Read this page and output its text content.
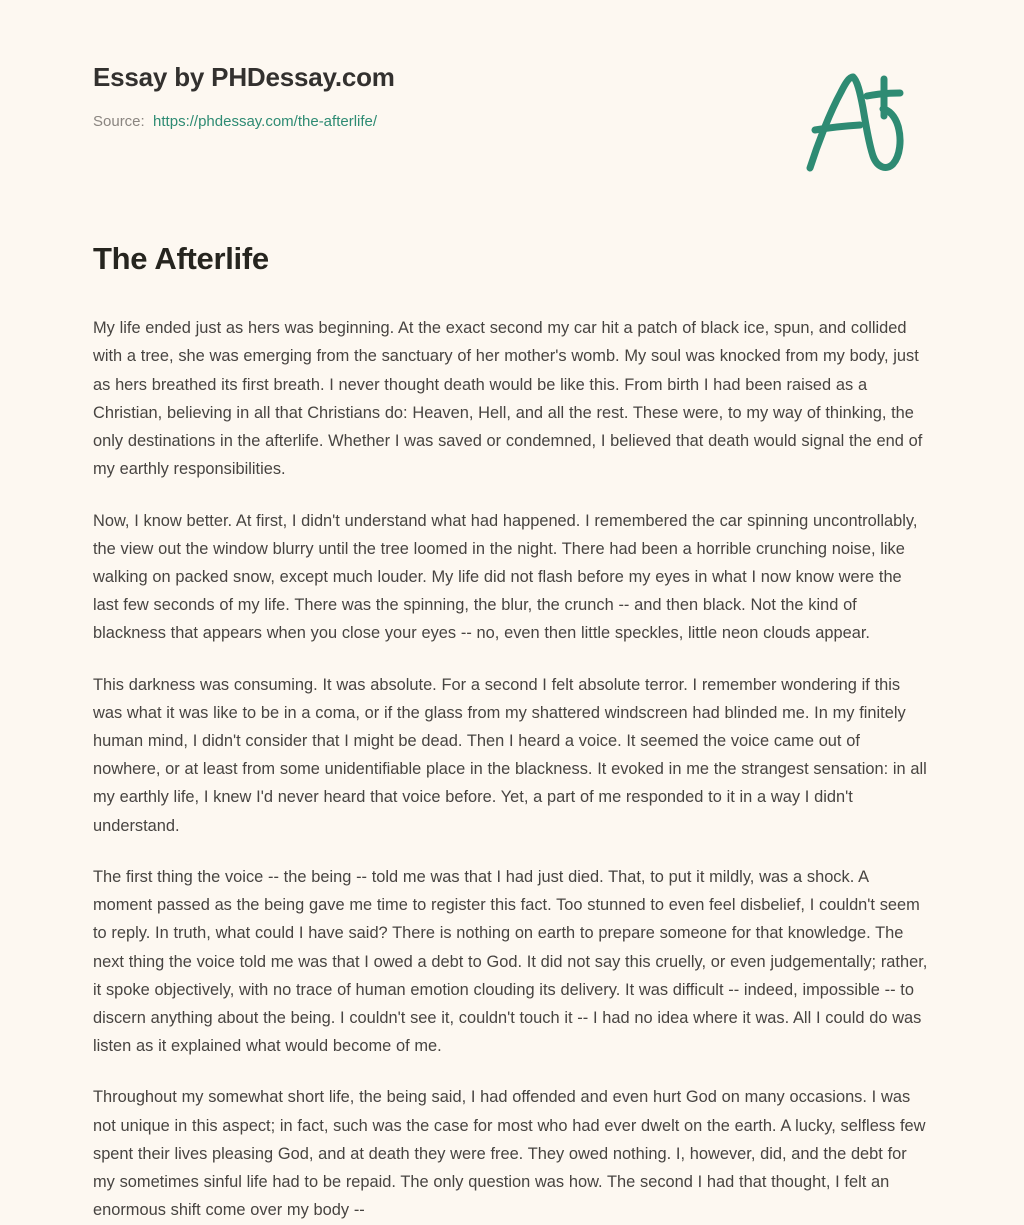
Essay by PHDessay.com
Source: https://phdessay.com/the-afterlife/
The Afterlife

My life ended just as hers was beginning. At the exact second my car hit a patch of black ice, spun, and collided with a tree, she was emerging from the sanctuary of her mother's womb. My soul was knocked from my body, just as hers breathed its first breath. I never thought death would be like this. From birth I had been raised as a Christian, believing in all that Christians do: Heaven, Hell, and all the rest. These were, to my way of thinking, the only destinations in the afterlife. Whether I was saved or condemned, I believed that death would signal the end of my earthly responsibilities.

Now, I know better. At first, I didn't understand what had happened. I remembered the car spinning uncontrollably, the view out the window blurry until the tree loomed in the night. There had been a horrible crunching noise, like walking on packed snow, except much louder. My life did not flash before my eyes in what I now know were the last few seconds of my life. There was the spinning, the blur, the crunch -- and then black. Not the kind of blackness that appears when you close your eyes -- no, even then little speckles, little neon clouds appear.

This darkness was consuming. It was absolute. For a second I felt absolute terror. I remember wondering if this was what it was like to be in a coma, or if the glass from my shattered windscreen had blinded me. In my finitely human mind, I didn't consider that I might be dead. Then I heard a voice. It seemed the voice came out of nowhere, or at least from some unidentifiable place in the blackness. It evoked in me the strangest sensation: in all my earthly life, I knew I'd never heard that voice before. Yet, a part of me responded to it in a way I didn't understand.

The first thing the voice -- the being -- told me was that I had just died. That, to put it mildly, was a shock. A moment passed as the being gave me time to register this fact. Too stunned to even feel disbelief, I couldn't seem to reply. In truth, what could I have said? There is nothing on earth to prepare someone for that knowledge. The next thing the voice told me was that I owed a debt to God. It did not say this cruelly, or even judgementally; rather, it spoke objectively, with no trace of human emotion clouding its delivery. It was difficult -- indeed, impossible -- to discern anything about the being. I couldn't see it, couldn't touch it -- I had no idea where it was. All I could do was listen as it explained what would become of me.

Throughout my somewhat short life, the being said, I had offended and even hurt God on many occasions. I was not unique in this aspect; in fact, such was the case for most who had ever dwelt on the earth. A lucky, selfless few spent their lives pleasing God, and at death they were free. They owed nothing. I, however, did, and the debt for my sometimes sinful life had to be repaid. The only question was how. The second I had that thought, I felt an enormous shift come over my body --
